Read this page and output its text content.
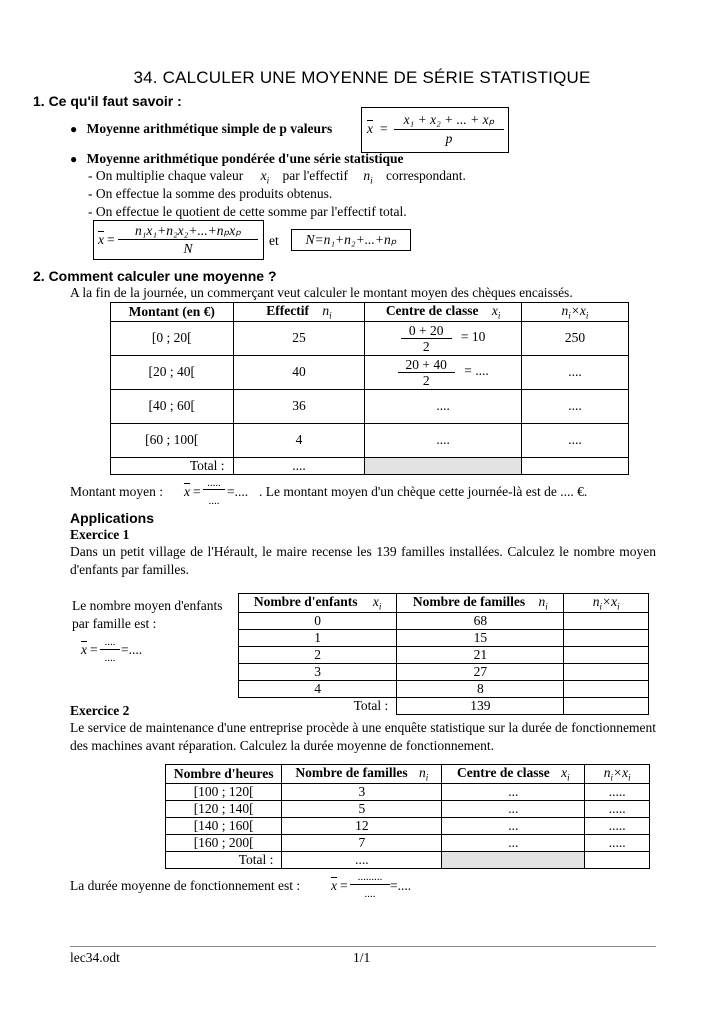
34. CALCULER UNE MOYENNE DE SÉRIE STATISTIQUE
1. Ce qu'il faut savoir :
● Moyenne arithmétique simple de p valeurs	$\overline{x}$ =
x₁ + x₂ + ... + xₚ
p
● Moyenne arithmétique pondérée d'une série statistique
- On multiplie chaque valeur $x_i$ par l'effectif $n_i$ correspondant.
- On effectue la somme des produits obtenus.
- On effectue le quotient de cette somme par l'effectif total.
$\overline{x}$ =
n₁x₁+n₂x₂+...+nₚxₚ
N
et	N=n₁+n₂+...+nₚ
2. Comment calculer une moyenne ?
A la fin de la journée, un commerçant veut calculer le montant moyen des chèques encaissés.
Montant (en €)	Effectif $n_i$	Centre de classe $x_i$	$n_i\times x_i$
[0 ; 20[	25	$\frac{0 + 20}{2} = 10$	250
[20 ; 40[	40	$\frac{20 + 40}{2}$ = ....	....
[40 ; 60[	36	....	....
[60 ; 100[	4	....	....
Total :	....		
Montant moyen : $\overline{x}$ =
.....
....
=.... . Le montant moyen d'un chèque cette journée-là est de .... €.
Applications
Exercice 1
Dans un petit village de l'Hérault, le maire recense les 139 familles installées. Calculez le nombre moyen d'enfants par familles.
Le nombre moyen d'enfants par famille est :
$\overline{x}$ = ....
....
=....
Nombre d'enfants $x_i$	Nombre de familles $n_i$	$n_i\times x_i$
0	68	
1	15	
2	21	
3	27	
4	8	
Total :	139	
Exercice 2
Le service de maintenance d'une entreprise procède à une enquête statistique sur la durée de fonctionnement des machines avant réparation. Calculez la durée moyenne de fonctionnement.
Nombre d'heures	Nombre de familles $n_i$	Centre de classe $x_i$	$n_i\times x_i$
[100 ; 120[	3	...	.....
[120 ; 140[	5	...	.....
[140 ; 160[	12	...	.....
[160 ; 200[	7	...	.....
Total :	....		
La durée moyenne de fonctionnement est : $\overline{x}$ =
.........
....
=....
lec34.odt	1/1
